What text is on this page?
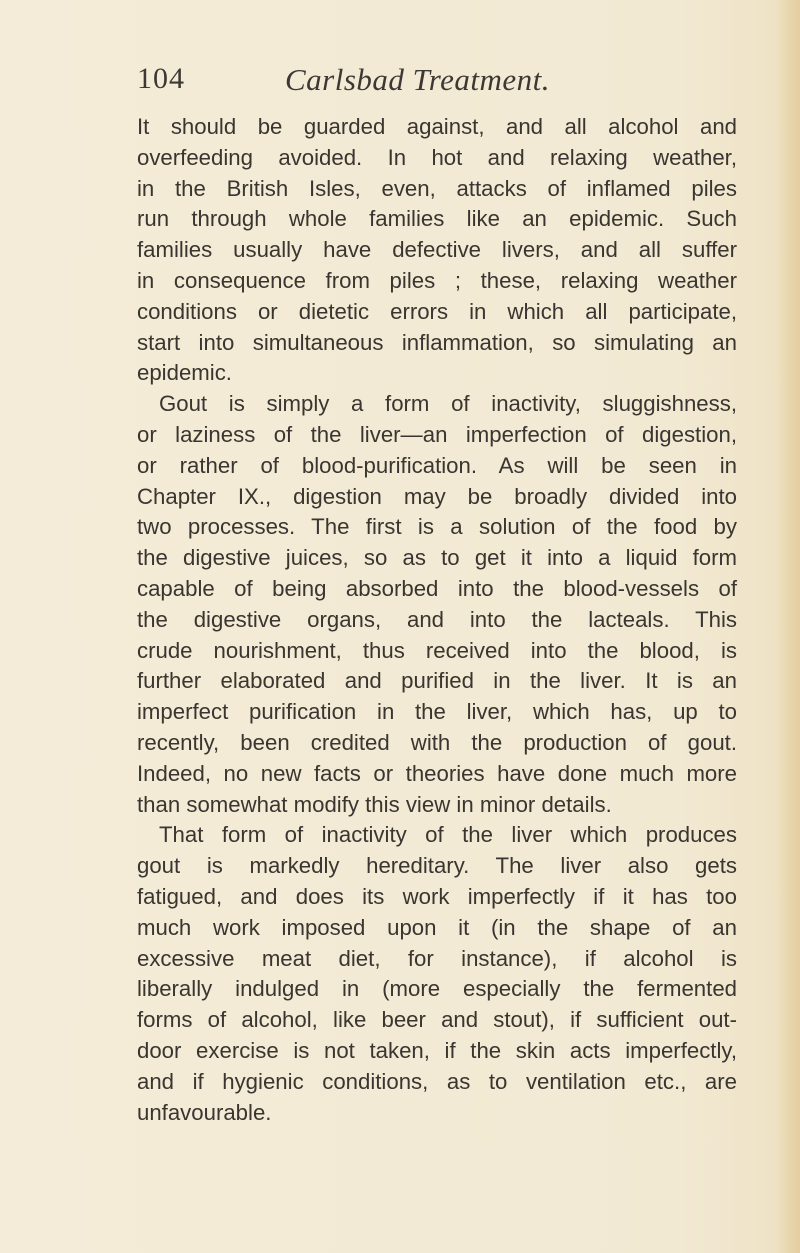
104	Carlsbad Treatment.
It should be guarded against, and all alcohol and
overfeeding avoided. In hot and relaxing weather,
in the British Isles, even, attacks of inflamed piles
run through whole families like an epidemic. Such
families usually have defective livers, and all suffer
in consequence from piles ; these, relaxing weather
conditions or dietetic errors in which all participate,
start into simultaneous inflammation, so simulating an
epidemic.
Gout is simply a form of inactivity, sluggishness,
or laziness of the liver—an imperfection of digestion,
or rather of blood-purification. As will be seen in
Chapter IX., digestion may be broadly divided into
two processes. The first is a solution of the food by
the digestive juices, so as to get it into a liquid form
capable of being absorbed into the blood-vessels of
the digestive organs, and into the lacteals. This
crude nourishment, thus received into the blood, is
further elaborated and purified in the liver. It is an
imperfect purification in the liver, which has, up to
recently, been credited with the production of gout.
Indeed, no new facts or theories have done much more
than somewhat modify this view in minor details.
That form of inactivity of the liver which produces
gout is markedly hereditary. The liver also gets
fatigued, and does its work imperfectly if it has too
much work imposed upon it (in the shape of an
excessive meat diet, for instance), if alcohol is
liberally indulged in (more especially the fermented
forms of alcohol, like beer and stout), if sufficient out-
door exercise is not taken, if the skin acts imperfectly,
and if hygienic conditions, as to ventilation etc., are
unfavourable.
